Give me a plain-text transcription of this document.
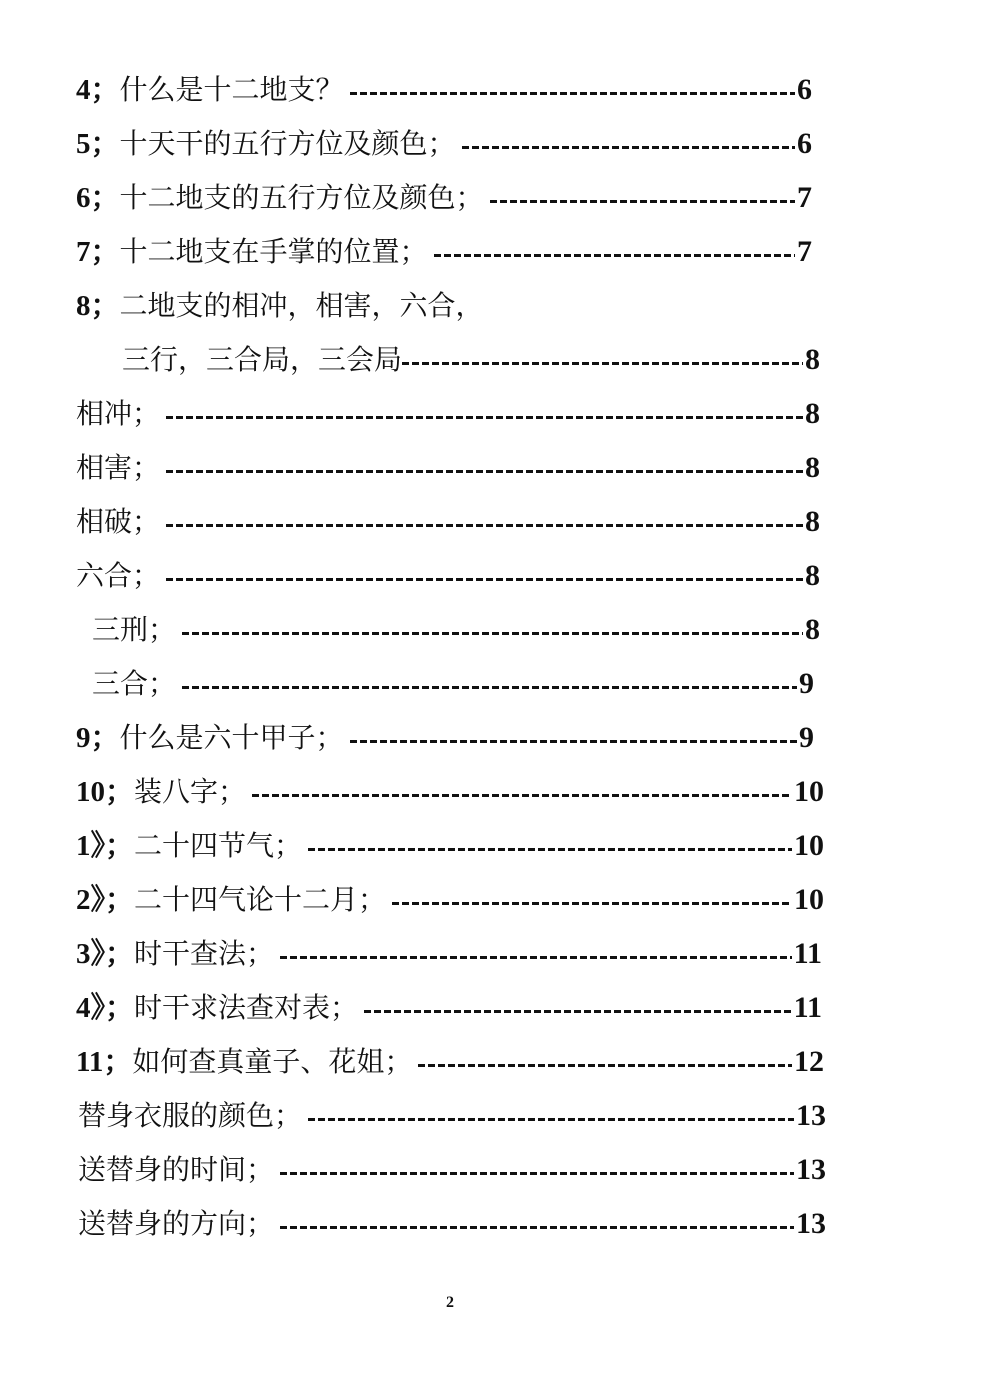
4； 什么是十二地支？	6
5； 十天干的五行方位及颜色；	6
6； 十二地支的五行方位及颜色；	7
7； 十二地支在手掌的位置；	7
8； 二地支的相冲，相害，六合，
三行，三合局，三会局	8
相冲；	8
相害；	8
相破；	8
六合；	8
三刑；	8
三合；	9
9； 什么是六十甲子；	9
10； 装八字；	10
1》； 二十四节气；	10
2》； 二十四气论十二月；	10
3》； 时干查法；	11
4》； 时干求法查对表；	11
11； 如何查真童子、花姐；	12
替身衣服的颜色；	13
送替身的时间；	13
送替身的方向；	13
2
